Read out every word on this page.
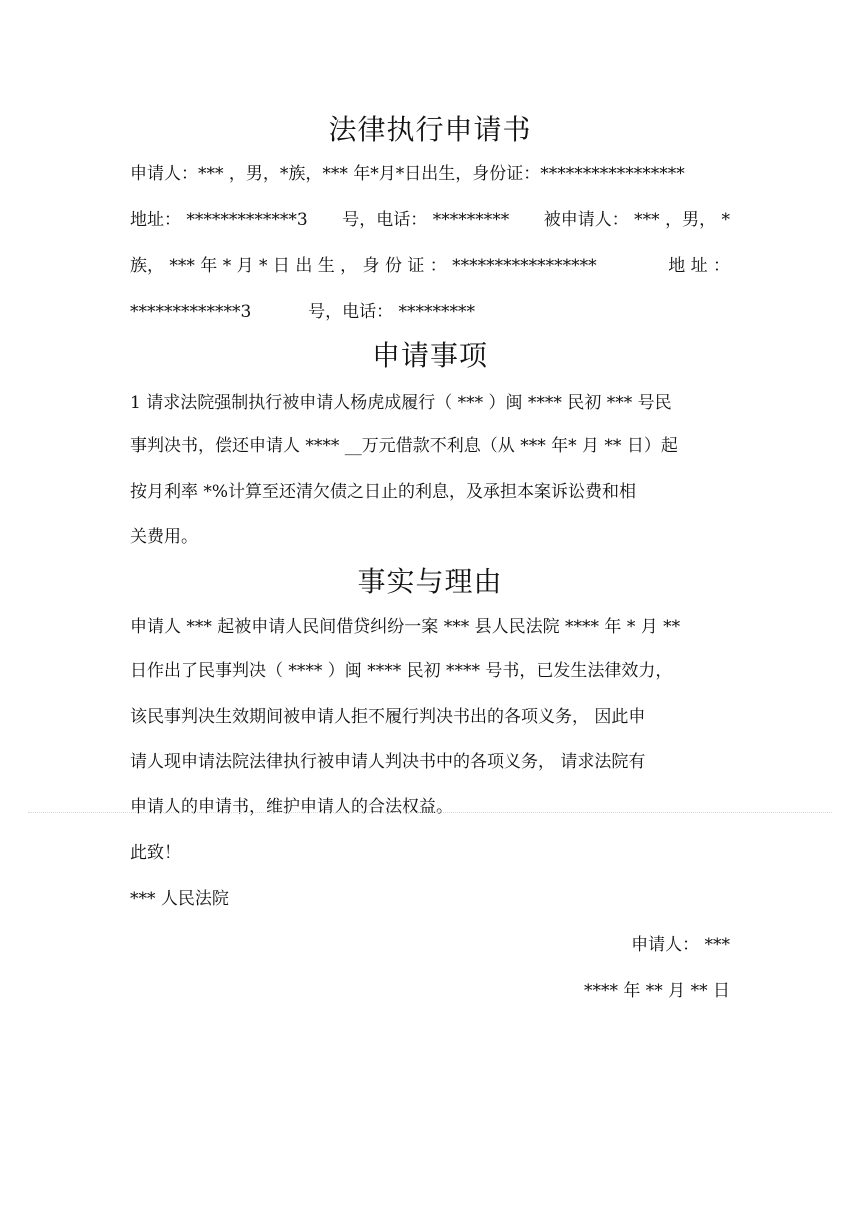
法律执行申请书
申请人：*** ，男，*族，*** 年*月*日出生，身份证：*****************
地址： *************3 号，电话： ********* 被申请人： *** ，男， *
族， *** 年 * 月 * 日 出 生 ， 身 份 证 ： *****************	地 址 ：
*************3	号，电话： *********
申请事项
1 请求法院强制执行被申请人杨虎成履行（ *** ）闽 **** 民初 *** 号民
事判决书，偿还申请人 **** __万元借款不利息（从 *** 年* 月 ** 日）起
按月利率 *%计算至还清欠债之日止的利息，及承担本案诉讼费和相
关费用。
事实与理由
申请人 *** 起被申请人民间借贷纠纷一案 *** 县人民法院 **** 年 * 月 **
日作出了民事判决（ **** ）闽 **** 民初 **** 号书，已发生法律效力，
该民事判决生效期间被申请人拒不履行判决书出的各项义务， 因此申
请人现申请法院法律执行被申请人判决书中的各项义务， 请求法院有
申请人的申请书，维护申请人的合法权益。
此致！
*** 人民法院
申请人： ***
**** 年 ** 月 ** 日
